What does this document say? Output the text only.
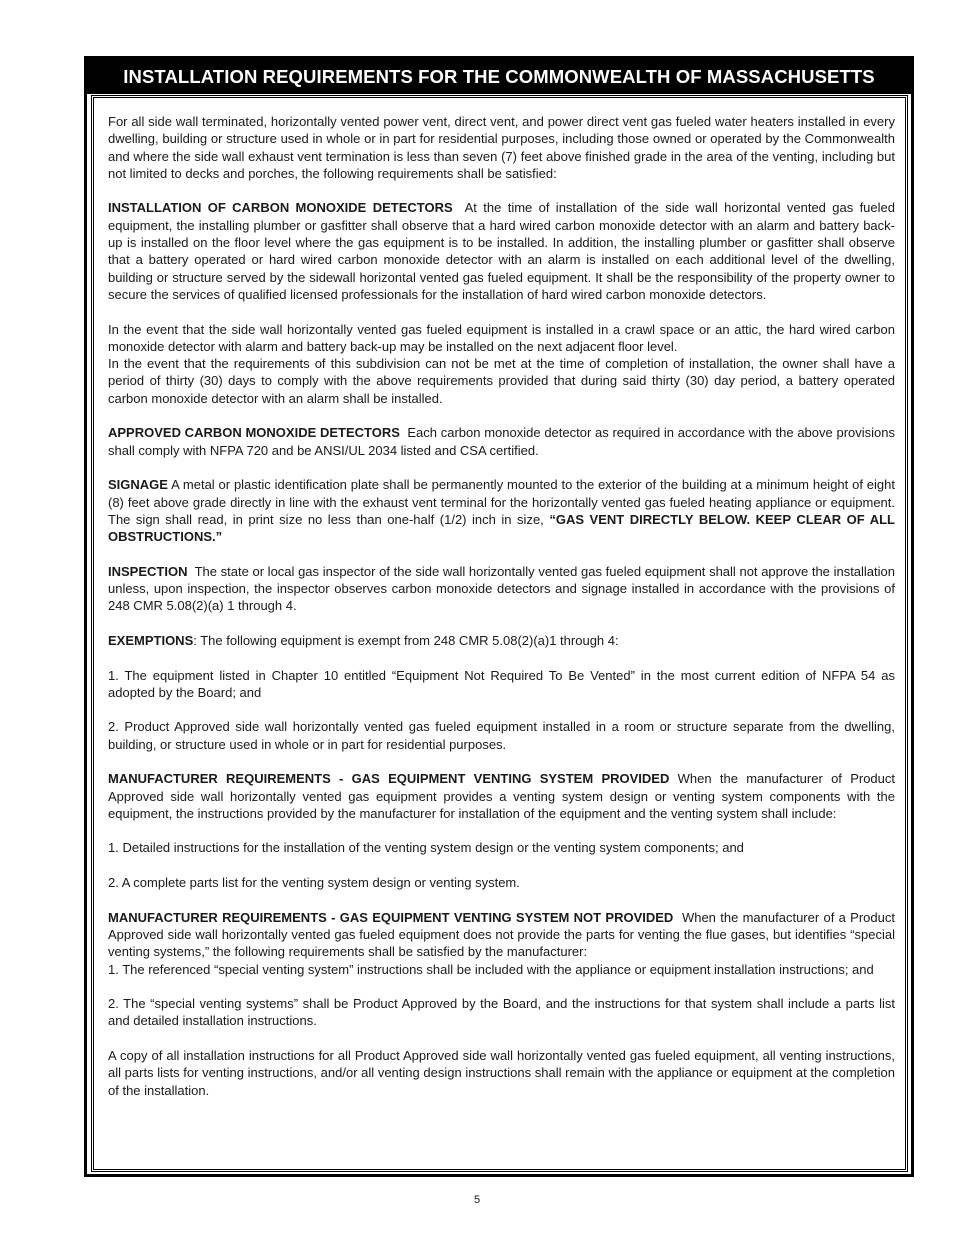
INSTALLATION REQUIREMENTS FOR THE COMMONWEALTH OF MASSACHUSETTS

For all side wall terminated, horizontally vented power vent, direct vent, and power direct vent gas fueled water heaters installed in every dwelling, building or structure used in whole or in part for residential purposes, including those owned or operated by the Commonwealth and where the side wall exhaust vent termination is less than seven (7) feet above finished grade in the area of the venting, including but not limited to decks and porches, the following requirements shall be satisfied:

INSTALLATION OF CARBON MONOXIDE DETECTORS At the time of installation of the side wall horizontal vented gas fueled equipment, the installing plumber or gasfitter shall observe that a hard wired carbon monoxide detector with an alarm and battery back-up is installed on the floor level where the gas equipment is to be installed. In addition, the installing plumber or gasfitter shall observe that a battery operated or hard wired carbon monoxide detector with an alarm is installed on each additional level of the dwelling, building or structure served by the sidewall horizontal vented gas fueled equipment. It shall be the responsibility of the property owner to secure the services of qualified licensed professionals for the installation of hard wired carbon monoxide detectors.

In the event that the side wall horizontally vented gas fueled equipment is installed in a crawl space or an attic, the hard wired carbon monoxide detector with alarm and battery back-up may be installed on the next adjacent floor level.

In the event that the requirements of this subdivision can not be met at the time of completion of installation, the owner shall have a period of thirty (30) days to comply with the above requirements provided that during said thirty (30) day period, a battery operated carbon monoxide detector with an alarm shall be installed.

APPROVED CARBON MONOXIDE DETECTORS Each carbon monoxide detector as required in accordance with the above provisions shall comply with NFPA 720 and be ANSI/UL 2034 listed and CSA certified.

SIGNAGE A metal or plastic identification plate shall be permanently mounted to the exterior of the building at a minimum height of eight (8) feet above grade directly in line with the exhaust vent terminal for the horizontally vented gas fueled heating appliance or equipment. The sign shall read, in print size no less than one-half (1/2) inch in size, “GAS VENT DIRECTLY BELOW. KEEP CLEAR OF ALL OBSTRUCTIONS.”

INSPECTION The state or local gas inspector of the side wall horizontally vented gas fueled equipment shall not approve the installation unless, upon inspection, the inspector observes carbon monoxide detectors and signage installed in accordance with the provisions of 248 CMR 5.08(2)(a) 1 through 4.

EXEMPTIONS: The following equipment is exempt from 248 CMR 5.08(2)(a)1 through 4:

1. The equipment listed in Chapter 10 entitled “Equipment Not Required To Be Vented” in the most current edition of NFPA 54 as adopted by the Board; and

2. Product Approved side wall horizontally vented gas fueled equipment installed in a room or structure separate from the dwelling, building, or structure used in whole or in part for residential purposes.

MANUFACTURER REQUIREMENTS - GAS EQUIPMENT VENTING SYSTEM PROVIDED When the manufacturer of Product Approved side wall horizontally vented gas equipment provides a venting system design or venting system components with the equipment, the instructions provided by the manufacturer for installation of the equipment and the venting system shall include:

1. Detailed instructions for the installation of the venting system design or the venting system components; and

2. A complete parts list for the venting system design or venting system.

MANUFACTURER REQUIREMENTS - GAS EQUIPMENT VENTING SYSTEM NOT PROVIDED When the manufacturer of a Product Approved side wall horizontally vented gas fueled equipment does not provide the parts for venting the flue gases, but identifies “special venting systems,” the following requirements shall be satisfied by the manufacturer:

1. The referenced “special venting system” instructions shall be included with the appliance or equipment installation instructions; and

2. The “special venting systems” shall be Product Approved by the Board, and the instructions for that system shall include a parts list and detailed installation instructions.

A copy of all installation instructions for all Product Approved side wall horizontally vented gas fueled equipment, all venting instructions, all parts lists for venting instructions, and/or all venting design instructions shall remain with the appliance or equipment at the completion of the installation.

5
